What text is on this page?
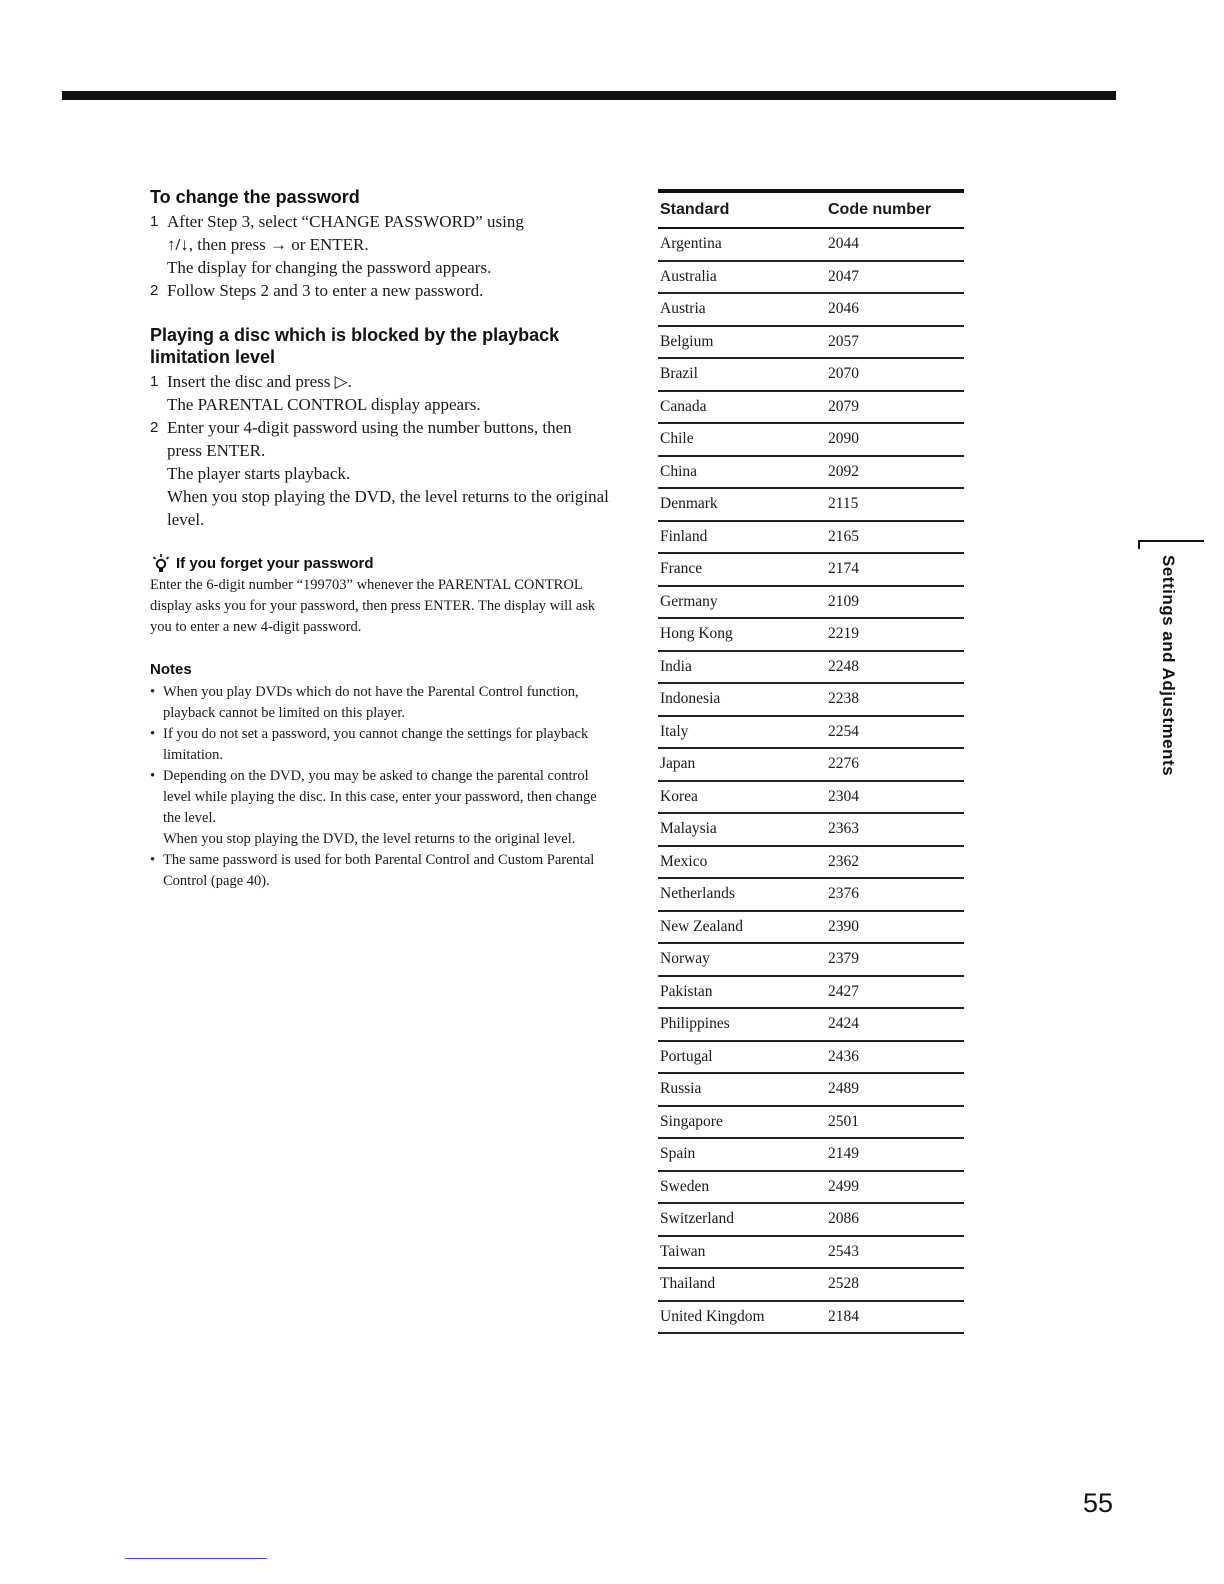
To change the password
1 After Step 3, select “CHANGE PASSWORD” using
↑/↓, then press → or ENTER.
The display for changing the password appears.
2 Follow Steps 2 and 3 to enter a new password.
Playing a disc which is blocked by the playback limitation level
1 Insert the disc and press ▷.
The PARENTAL CONTROL display appears.
2 Enter your 4-digit password using the number buttons, then press ENTER.
The player starts playback.
When you stop playing the DVD, the level returns to the original level.
If you forget your password

Enter the 6-digit number “199703” whenever the PARENTAL CONTROL display asks you for your password, then press ENTER. The display will ask you to enter a new 4-digit password.

Notes
• When you play DVDs which do not have the Parental Control function, playback cannot be limited on this player.
• If you do not set a password, you cannot change the settings for playback limitation.
• Depending on the DVD, you may be asked to change the parental control level while playing the disc. In this case, enter your password, then change the level.
When you stop playing the DVD, the level returns to the original level.
• The same password is used for both Parental Control and Custom Parental Control (page 40).
Standard	Code number
Argentina	2044
Australia	2047
Austria	2046
Belgium	2057
Brazil	2070
Canada	2079
Chile	2090
China	2092
Denmark	2115
Finland	2165
France	2174
Germany	2109
Hong Kong	2219
India	2248
Indonesia	2238
Italy	2254
Japan	2276
Korea	2304
Malaysia	2363
Mexico	2362
Netherlands	2376
New Zealand	2390
Norway	2379
Pakistan	2427
Philippines	2424
Portugal	2436
Russia	2489
Singapore	2501
Spain	2149
Sweden	2499
Switzerland	2086
Taiwan	2543
Thailand	2528
United Kingdom	2184
Settings and Adjustments
55
